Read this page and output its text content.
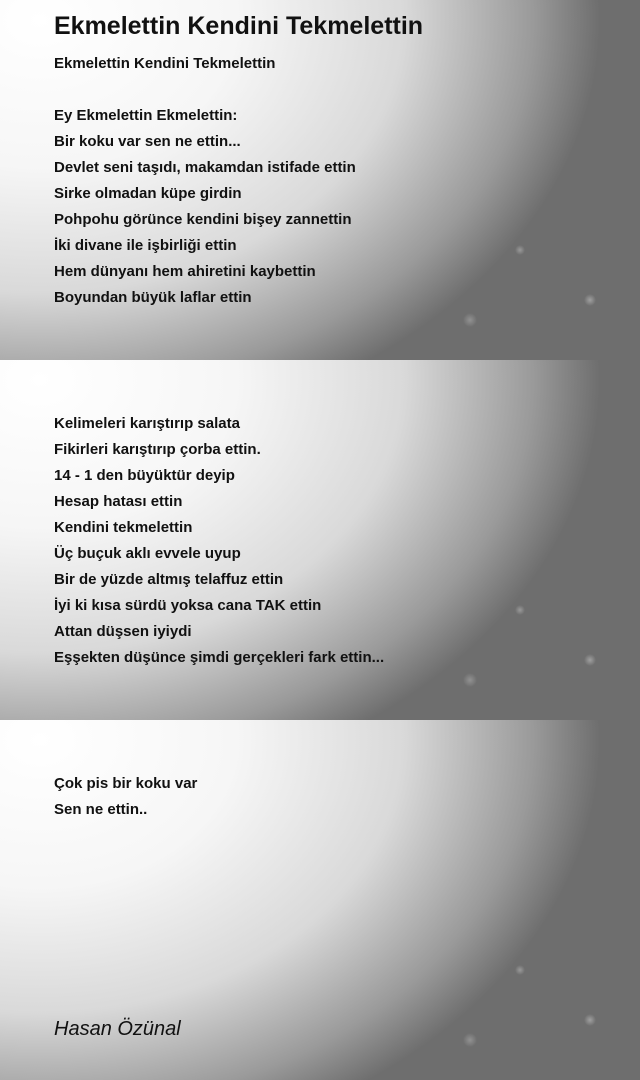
Ekmelettin Kendini Tekmelettin
Ekmelettin Kendini Tekmelettin
Ey Ekmelettin Ekmelettin:
Bir koku var sen ne ettin...
Devlet seni taşıdı, makamdan istifade ettin
Sirke olmadan küpe girdin
Pohpohu görünce kendini bişey zannettin
İki divane ile işbirliği ettin
Hem dünyanı hem ahiretini kaybettin
Boyundan büyük laflar ettin
Kelimeleri karıştırıp salata
Fikirleri karıştırıp çorba ettin.
14 - 1 den büyüktür deyip
Hesap hatası ettin
Kendini tekmelettin
Üç buçuk aklı evvele uyup
Bir de yüzde altmış telaffuz ettin
İyi ki kısa sürdü yoksa cana TAK ettin
Attan düşsen iyiydi
Eşşekten düşünce şimdi gerçekleri fark ettin...
Çok pis bir koku var
Sen ne ettin..

Hasan Özünal
